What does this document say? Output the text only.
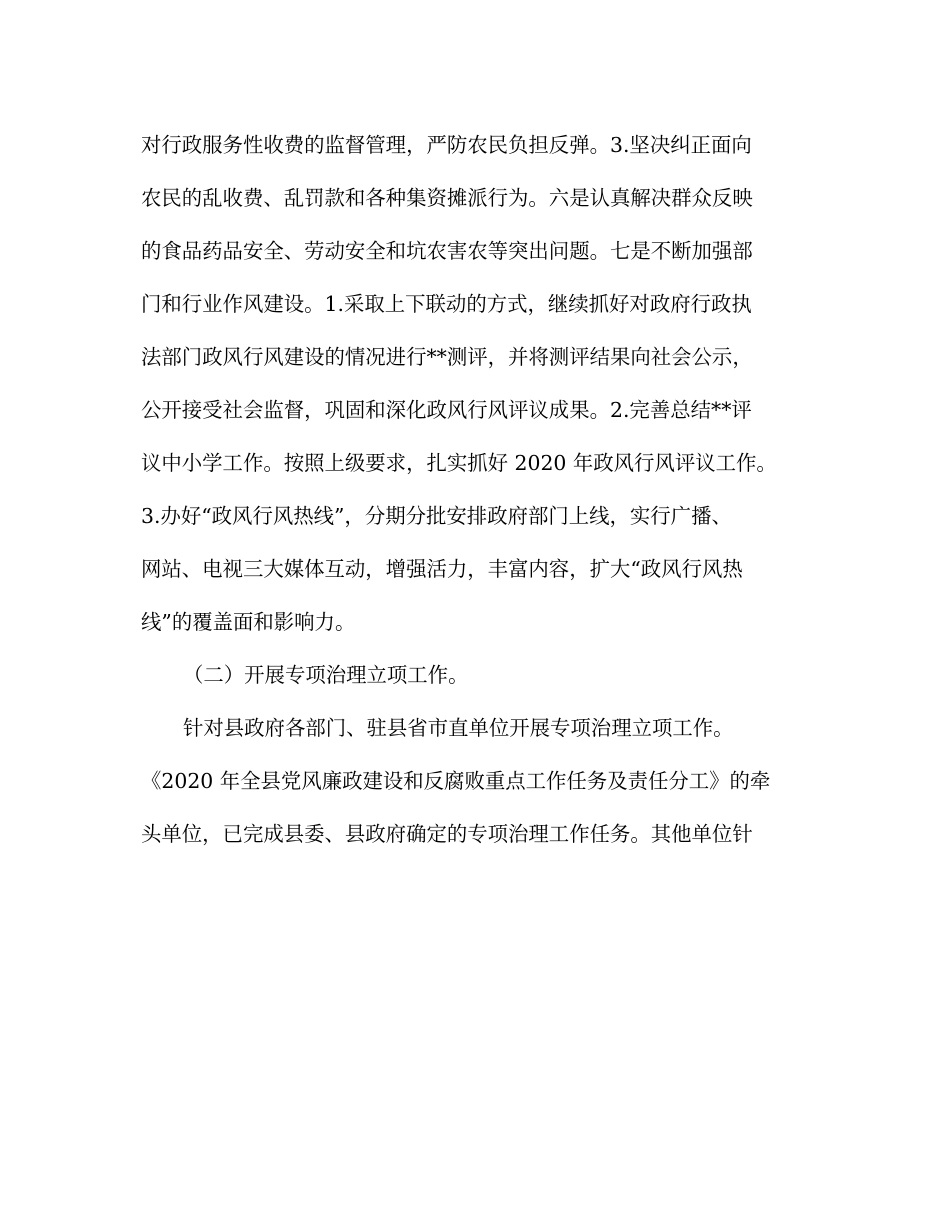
对行政服务性收费的监督管理，严防农民负担反弹。3.坚决纠正面向
农民的乱收费、乱罚款和各种集资摊派行为。六是认真解决群众反映
的食品药品安全、劳动安全和坑农害农等突出问题。七是不断加强部
门和行业作风建设。1.采取上下联动的方式，继续抓好对政府行政执
法部门政风行风建设的情况进行**测评，并将测评结果向社会公示，
公开接受社会监督，巩固和深化政风行风评议成果。2.完善总结**评
议中小学工作。按照上级要求，扎实抓好 2020 年政风行风评议工作。
3.办好“政风行风热线”，分期分批安排政府部门上线，实行广播、
网站、电视三大媒体互动，增强活力，丰富内容，扩大“政风行风热
线”的覆盖面和影响力。
（二）开展专项治理立项工作。
针对县政府各部门、驻县省市直单位开展专项治理立项工作。
《2020 年全县党风廉政建设和反腐败重点工作任务及责任分工》的牵
头单位，已完成县委、县政府确定的专项治理工作任务。其他单位针
